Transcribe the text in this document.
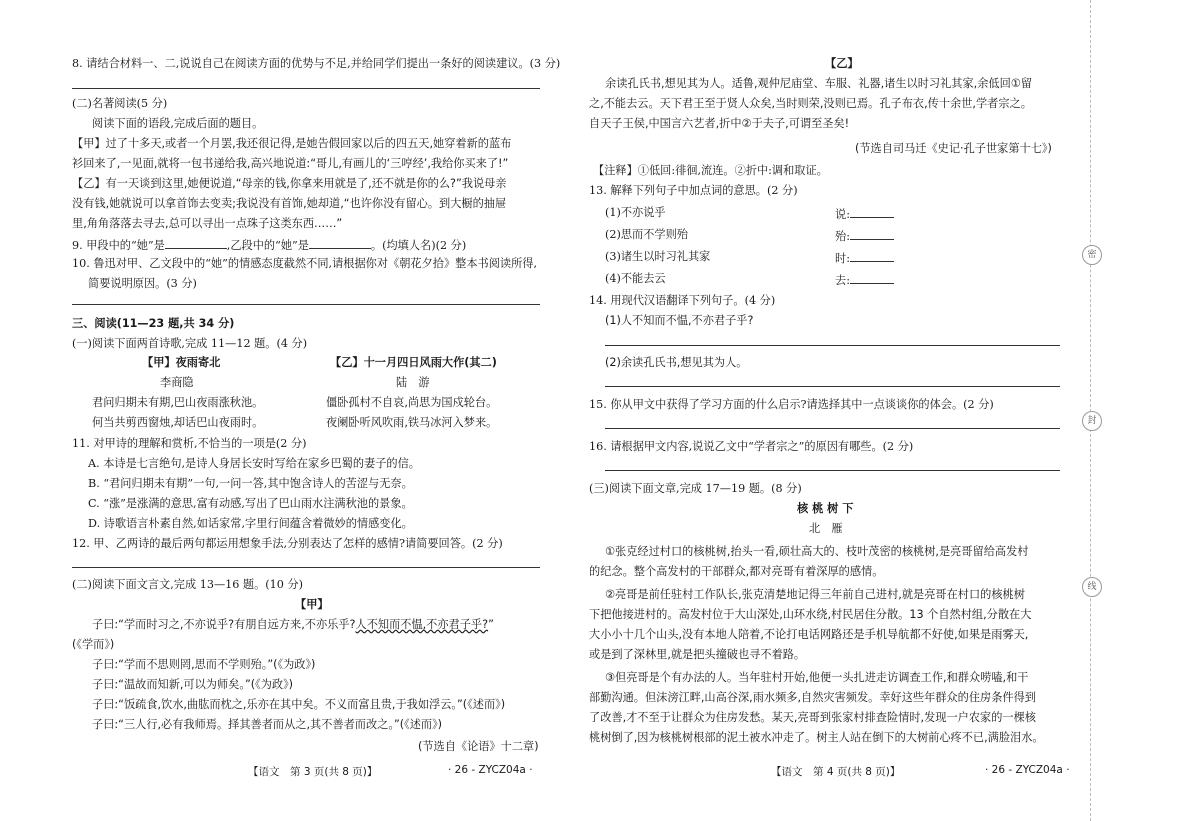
8. 请结合材料一、二,说说自己在阅读方面的优势与不足,并给同学们提出一条好的阅读建议。(3 分)
(二)名著阅读(5 分)
阅读下面的语段,完成后面的题目。
【甲】过了十多天,或者一个月罢,我还很记得,是她告假回家以后的四五天,她穿着新的蓝布
衫回来了,一见面,就将一包书递给我,高兴地说道:“哥儿,有画儿的‘三哼经’,我给你买来了!”
【乙】有一天谈到这里,她便说道,“母亲的钱,你拿来用就是了,还不就是你的么?”我说母亲
没有钱,她就说可以拿首饰去变卖;我说没有首饰,她却道,“也许你没有留心。到大橱的抽屉
里,角角落落去寻去,总可以寻出一点珠子这类东西……”
9. 甲段中的“她”是	,乙段中的“她”是	。(均填人名)(2 分)
10. 鲁迅对甲、乙文段中的“她”的情感态度截然不同,请根据你对《朝花夕拾》整本书阅读所得,
简要说明原因。(3 分)
三、阅读(11—23 题,共 34 分)
(一)阅读下面两首诗歌,完成 11—12 题。(4 分)
【甲】夜雨寄北
李商隐
君问归期未有期,巴山夜雨涨秋池。
何当共剪西窗烛,却话巴山夜雨时。
【乙】十一月四日风雨大作(其二)
陆　游
僵卧孤村不自哀,尚思为国戍轮台。
夜阑卧听风吹雨,铁马冰河入梦来。
11. 对甲诗的理解和赏析,不恰当的一项是(2 分)
A. 本诗是七言绝句,是诗人身居长安时写给在家乡巴蜀的妻子的信。
B. “君问归期未有期”一句,一问一答,其中饱含诗人的苦涩与无奈。
C. “涨”是涨满的意思,富有动感,写出了巴山雨水注满秋池的景象。
D. 诗歌语言朴素自然,如话家常,字里行间蕴含着微妙的情感变化。
12. 甲、乙两诗的最后两句都运用想象手法,分别表达了怎样的感情?请简要回答。(2 分)
(二)阅读下面文言文,完成 13—16 题。(10 分)
【甲】
子曰:“学而时习之,不亦说乎?有朋自远方来,不亦乐乎?人不知而不愠,不亦君子乎?”
(《学而》)
子曰:“学而不思则罔,思而不学则殆。”(《为政》)
子曰:“温故而知新,可以为师矣。”(《为政》)
子曰:“饭疏食,饮水,曲肱而枕之,乐亦在其中矣。不义而富且贵,于我如浮云。”(《述而》)
子曰:“三人行,必有我师焉。择其善者而从之,其不善者而改之。”(《述而》)
(节选自《论语》十二章)
【语文　第 3 页(共 8 页)】	· 26 - ZYCZ04a ·
【乙】
余读孔氏书,想见其为人。适鲁,观仲尼庙堂、车服、礼器,诸生以时习礼其家,余低回①留
之,不能去云。天下君王至于贤人众矣,当时则荣,没则已焉。孔子布衣,传十余世,学者宗之。
自天子王侯,中国言六艺者,折中②于夫子,可谓至圣矣!
(节选自司马迁《史记·孔子世家第十七》)
【注释】①低回:徘徊,流连。②折中:调和取证。
13. 解释下列句子中加点词的意思。(2 分)
(1)不亦说乎	说:
(2)思而不学则殆	殆:
(3)诸生以时习礼其家	时:
(4)不能去云	去:
14. 用现代汉语翻译下列句子。(4 分)
(1)人不知而不愠,不亦君子乎?
(2)余读孔氏书,想见其为人。
15. 你从甲文中获得了学习方面的什么启示?请选择其中一点谈谈你的体会。(2 分)
16. 请根据甲文内容,说说乙文中“学者宗之”的原因有哪些。(2 分)
(三)阅读下面文章,完成 17—19 题。(8 分)
核 桃 树 下
北　雁
①张克经过村口的核桃树,抬头一看,硕壮高大的、枝叶茂密的核桃树,是亮哥留给高发村
的纪念。整个高发村的干部群众,都对亮哥有着深厚的感情。
②亮哥是前任驻村工作队长,张克清楚地记得三年前自己进村,就是亮哥在村口的核桃树
下把他接进村的。高发村位于大山深处,山环水绕,村民居住分散。13 个自然村组,分散在大
大小小十几个山头,没有本地人陪着,不论打电话网路还是手机导航都不好使,如果是雨雾天,
或是到了深林里,就是把头撞破也寻不着路。
③但亮哥是个有办法的人。当年驻村开始,他便一头扎进走访调查工作,和群众唠嗑,和干
部勤沟通。但沫滂江畔,山高谷深,雨水频多,自然灾害频发。幸好这些年群众的住房条件得到
了改善,才不至于让群众为住房发愁。某天,亮哥到张家村排查险情时,发现一户农家的一棵核
桃树倒了,因为核桃树根部的泥土被水冲走了。树主人站在倒下的大树前心疼不已,满脸泪水。
【语文　第 4 页(共 8 页)】	· 26 - ZYCZ04a ·
密
封
线
